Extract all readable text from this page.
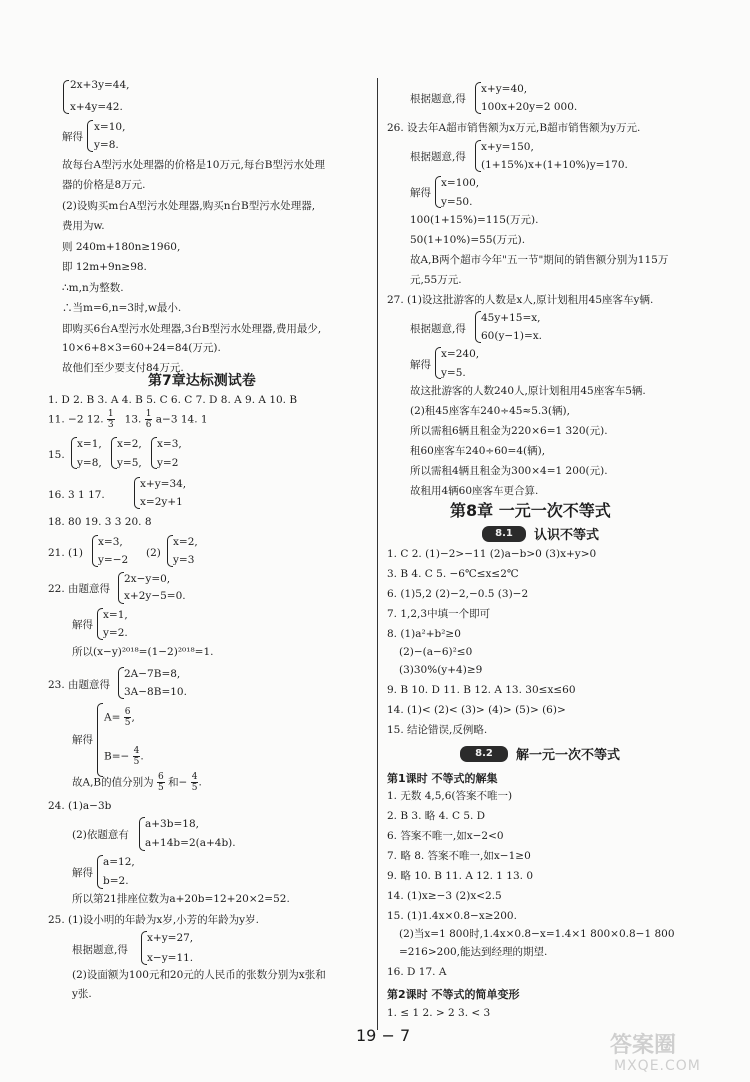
2x+3y=44,
x+4y=42.
解得
x=10,
y=8.
故每台A型污水处理器的价格是10万元,每台B型污水处理
器的价格是8万元.
(2)设购买m台A型污水处理器,购买n台B型污水处理器,
费用为w.
则 240m+180n≥1960,
即 12m+9n≥98.
∴m,n为整数.
∴当m=6,n=3时,w最小.
即购买6台A型污水处理器,3台B型污水处理器,费用最少,
10×6+8×3=60+24=84(万元).
故他们至少要支付84万元.
第7章达标测试卷
1. D 2. B 3. A 4. B 5. C 6. C 7. D 8. A 9. A 10. B
11. −2 12. $\frac{1}{3} 13$. $\frac{1}{6} a-3$ 14. 1
15.
x=1,
y=8,
x=2,
y=5,
x=3,
y=2
16. 3 1 17.
x+y=34,
x=2y+1
18. 80 19. 3 3 20. 8
21. (1)
x=3,
y=−2
(2)
x=2,
y=3
22. 由题意得
2x−y=0,
x+2y−5=0.
解得
x=1,
y=2.
所以(x−y)²⁰¹⁸=(1−2)²⁰¹⁸=1.
23. 由题意得
2A−7B=8,
3A−8B=10.
解得
$A= \frac{6}{5}$ ,
$B=- \frac{4}{5}$ .
故A,B的值分别为 $\frac{6}{5}$ 和− $\frac{4}{5}$ .
24. (1)a−3b
(2)依题意有
a+3b=18,
a+14b=2(a+4b).
解得
a=12,
b=2.
所以第21排座位数为a+20b=12+20×2=52.
25. (1)设小明的年龄为x岁,小芳的年龄为y岁.
根据题意,得
x+y=27,
x−y=11.
(2)设面额为100元和20元的人民币的张数分别为x张和
y张.
根据题意,得
x+y=40,
100x+20y=2 000.
26. 设去年A超市销售额为x万元,B超市销售额为y万元.
根据题意,得
x+y=150,
(1+15%)x+(1+10%)y=170.
解得
x=100,
y=50.
100(1+15%)=115(万元).
50(1+10%)=55(万元).
故A,B两个超市今年"五一节"期间的销售额分别为115万
元,55万元.
27. (1)设这批游客的人数是x人,原计划租用45座客车y辆.
根据题意,得
45y+15=x,
60(y−1)=x.
解得
x=240,
y=5.
故这批游客的人数240人,原计划租用45座客车5辆.
(2)租45座客车240÷45≈5.3(辆),
所以需租6辆且租金为220×6=1 320(元).
租60座客车240÷60=4(辆),
所以需租4辆且租金为300×4=1 200(元).
故租用4辆60座客车更合算.
第8章 一元一次不等式
8.1	认识不等式
1. C 2. (1)−2>−11 (2)a−b>0 (3)x+y>0
3. B 4. C 5. −6℃≤x≤2℃
6. (1)5,2 (2)−2,−0.5 (3)−2
7. 1,2,3中填一个即可
8. (1)a²+b²≥0
(2)−(a−6)²≤0
(3)30%(y+4)≥9
9. B 10. D 11. B 12. A 13. 30≤x≤60
14. (1)< (2)< (3)> (4)> (5)> (6)>
15. 结论错误,反例略.
8.2	解一元一次不等式
第1课时 不等式的解集
1. 无数 4,5,6(答案不唯一)
2. B 3. 略 4. C 5. D
6. 答案不唯一,如x−2<0
7. 略 8. 答案不唯一,如x−1≥0
9. 略 10. B 11. A 12. 1 13. 0
14. (1)x≥−3 (2)x<2.5
15. (1)1.4x×0.8−x≥200.
(2)当x=1 800时,1.4x×0.8−x=1.4×1 800×0.8−1 800
=216>200,能达到经理的期望.
16. D 17. A
第2课时 不等式的简单变形
1. ≤ 1 2. > 2 3. < 3
19 − 7	答案圈
MXQE.COM
